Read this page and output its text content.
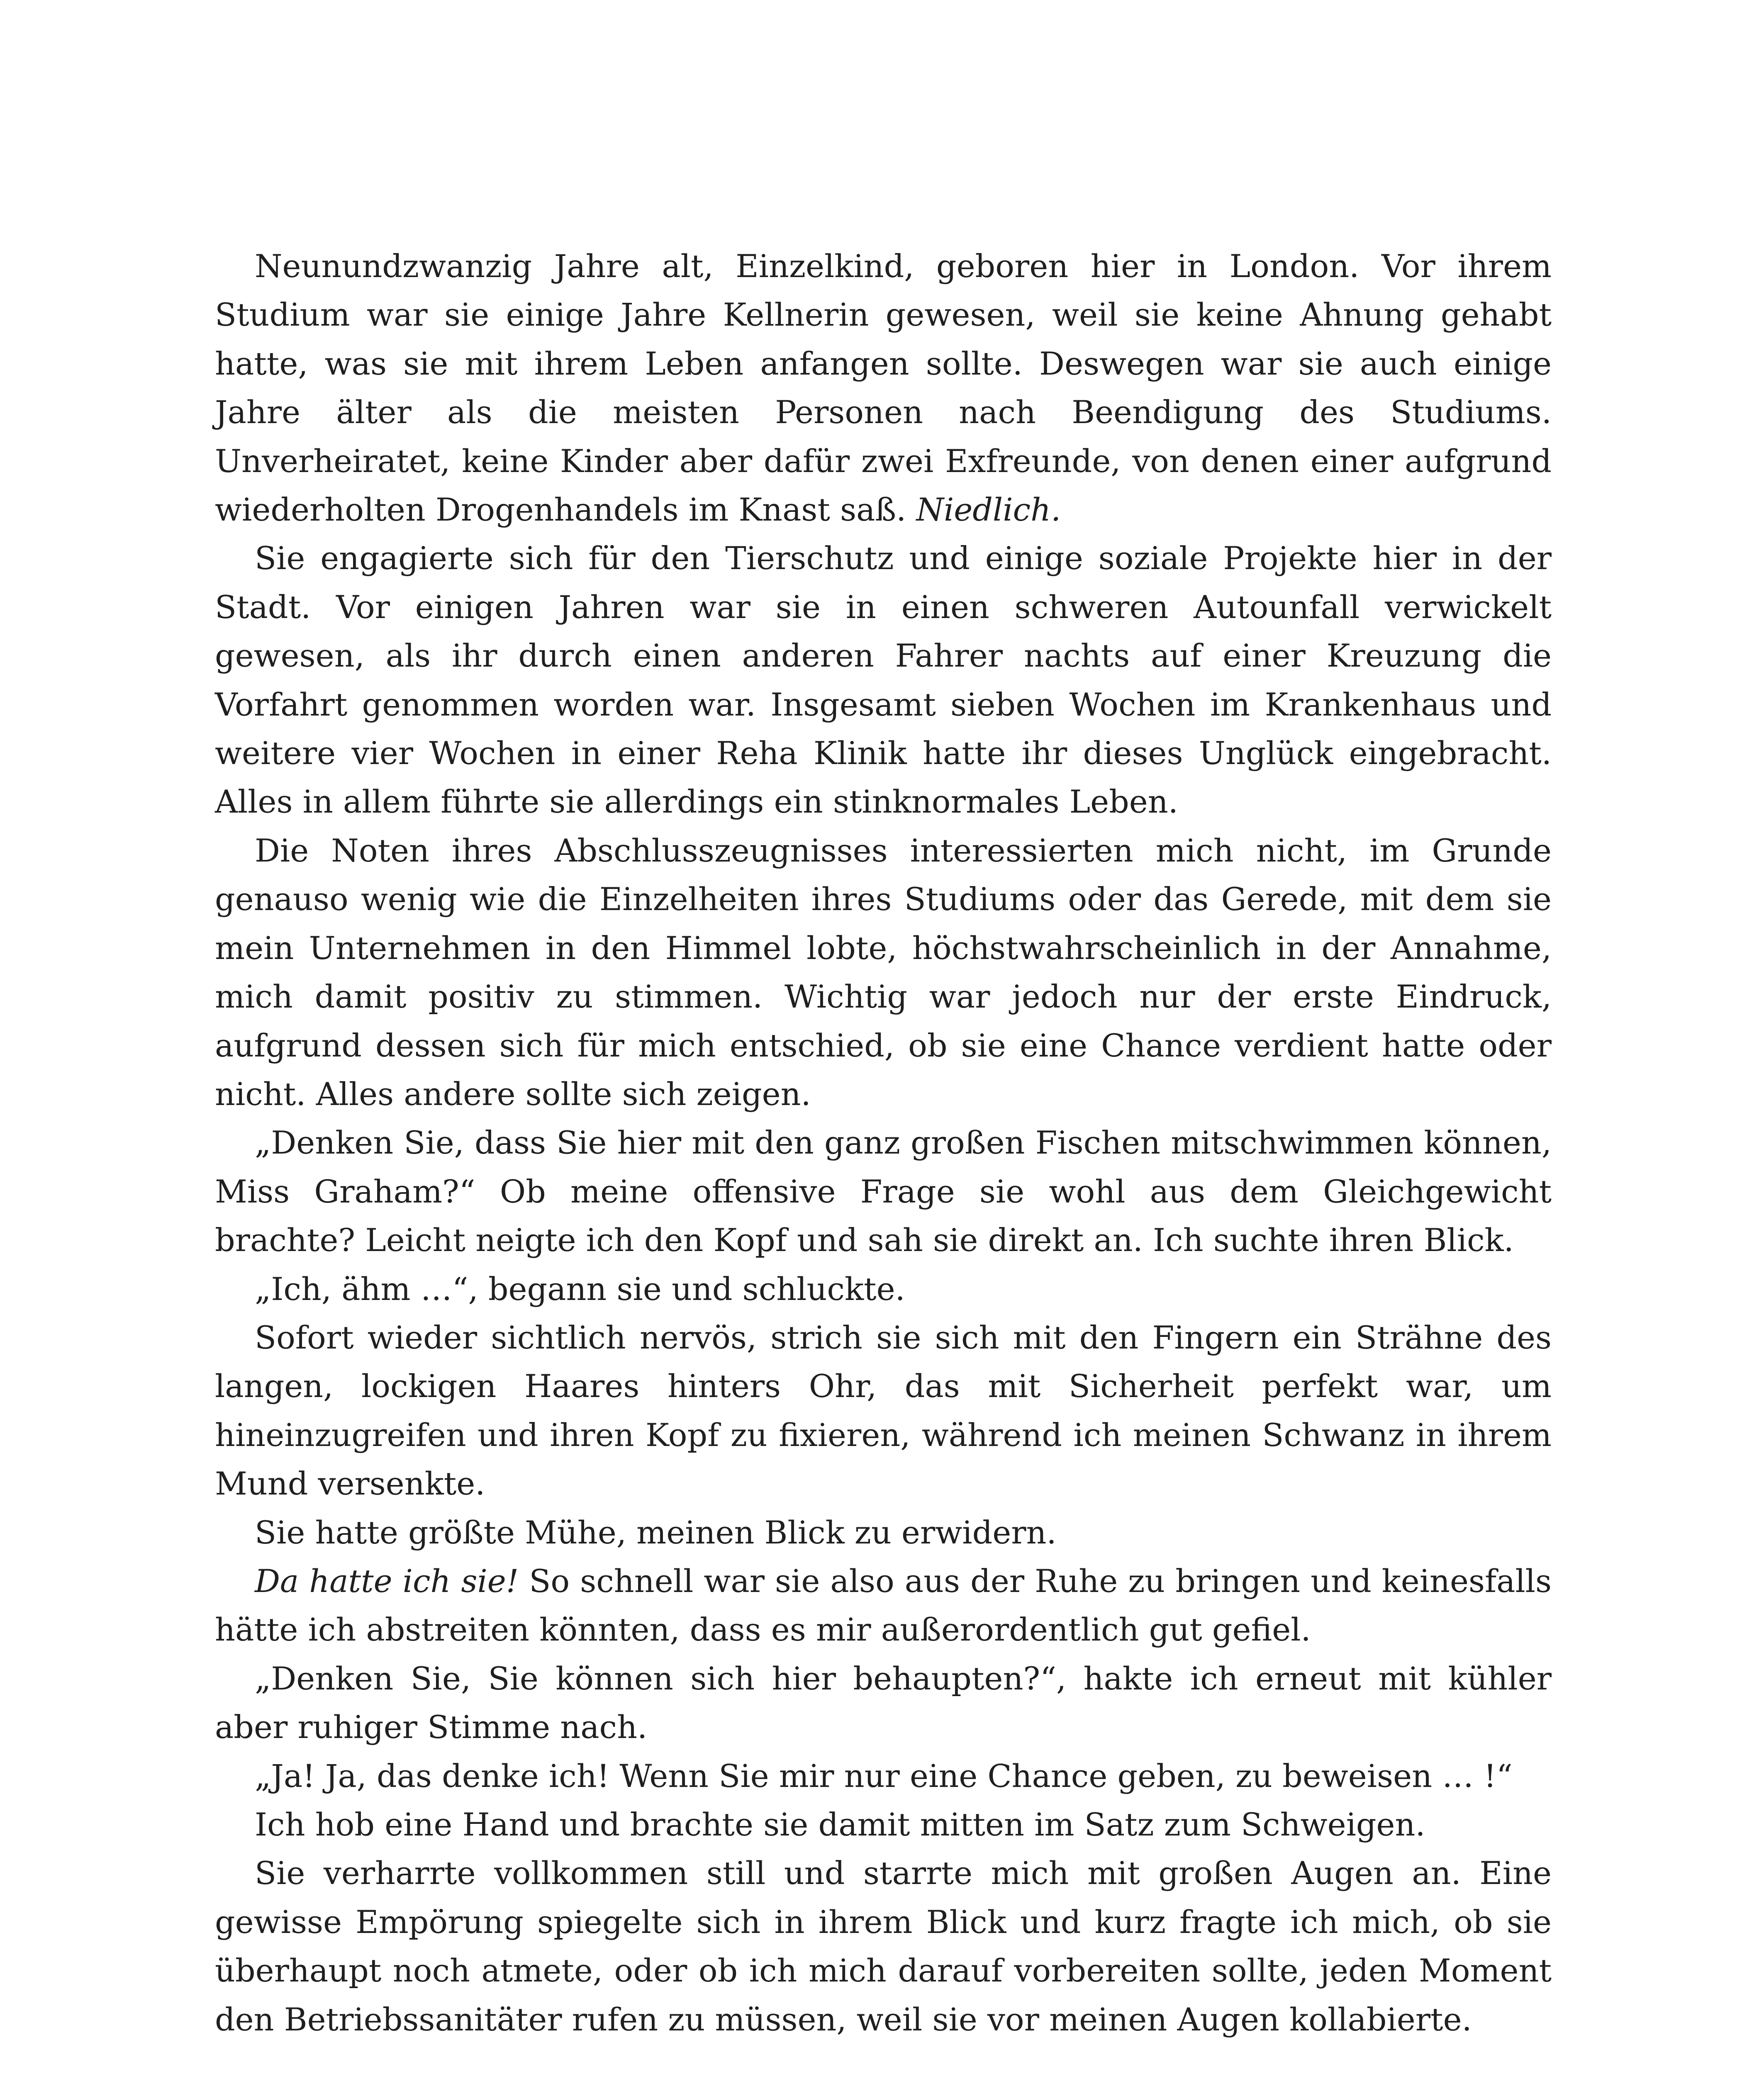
Neunundzwanzig Jahre alt, Einzelkind, geboren hier in London. Vor ihrem Studium war sie einige Jahre Kellnerin gewesen, weil sie keine Ahnung gehabt hatte, was sie mit ihrem Leben anfangen sollte. Deswegen war sie auch einige Jahre älter als die meisten Personen nach Beendigung des Studiums. Unverheiratet, keine Kinder aber dafür zwei Exfreunde, von denen einer aufgrund wiederholten Drogenhandels im Knast saß. Niedlich.

Sie engagierte sich für den Tierschutz und einige soziale Projekte hier in der Stadt. Vor einigen Jahren war sie in einen schweren Autounfall verwickelt gewesen, als ihr durch einen anderen Fahrer nachts auf einer Kreuzung die Vorfahrt genommen worden war. Insgesamt sieben Wochen im Krankenhaus und weitere vier Wochen in einer Reha Klinik hatte ihr dieses Unglück eingebracht. Alles in allem führte sie allerdings ein stinknormales Leben.

Die Noten ihres Abschlusszeugnisses interessierten mich nicht, im Grunde genauso wenig wie die Einzelheiten ihres Studiums oder das Gerede, mit dem sie mein Unternehmen in den Himmel lobte, höchstwahrscheinlich in der Annahme, mich damit positiv zu stimmen. Wichtig war jedoch nur der erste Eindruck, aufgrund dessen sich für mich entschied, ob sie eine Chance verdient hatte oder nicht. Alles andere sollte sich zeigen.

„Denken Sie, dass Sie hier mit den ganz großen Fischen mitschwimmen können, Miss Graham?“ Ob meine offensive Frage sie wohl aus dem Gleichgewicht brachte? Leicht neigte ich den Kopf und sah sie direkt an. Ich suchte ihren Blick.

„Ich, ähm …“, begann sie und schluckte.

Sofort wieder sichtlich nervös, strich sie sich mit den Fingern ein Strähne des langen, lockigen Haares hinters Ohr, das mit Sicherheit perfekt war, um hineinzugreifen und ihren Kopf zu fixieren, während ich meinen Schwanz in ihrem Mund versenkte.

Sie hatte größte Mühe, meinen Blick zu erwidern.

Da hatte ich sie! So schnell war sie also aus der Ruhe zu bringen und keinesfalls hätte ich abstreiten könnten, dass es mir außerordentlich gut gefiel.

„Denken Sie, Sie können sich hier behaupten?“, hakte ich erneut mit kühler aber ruhiger Stimme nach.

„Ja! Ja, das denke ich! Wenn Sie mir nur eine Chance geben, zu beweisen … !“

Ich hob eine Hand und brachte sie damit mitten im Satz zum Schweigen.

Sie verharrte vollkommen still und starrte mich mit großen Augen an. Eine gewisse Empörung spiegelte sich in ihrem Blick und kurz fragte ich mich, ob sie überhaupt noch atmete, oder ob ich mich darauf vorbereiten sollte, jeden Moment den Betriebssanitäter rufen zu müssen, weil sie vor meinen Augen kollabierte.
